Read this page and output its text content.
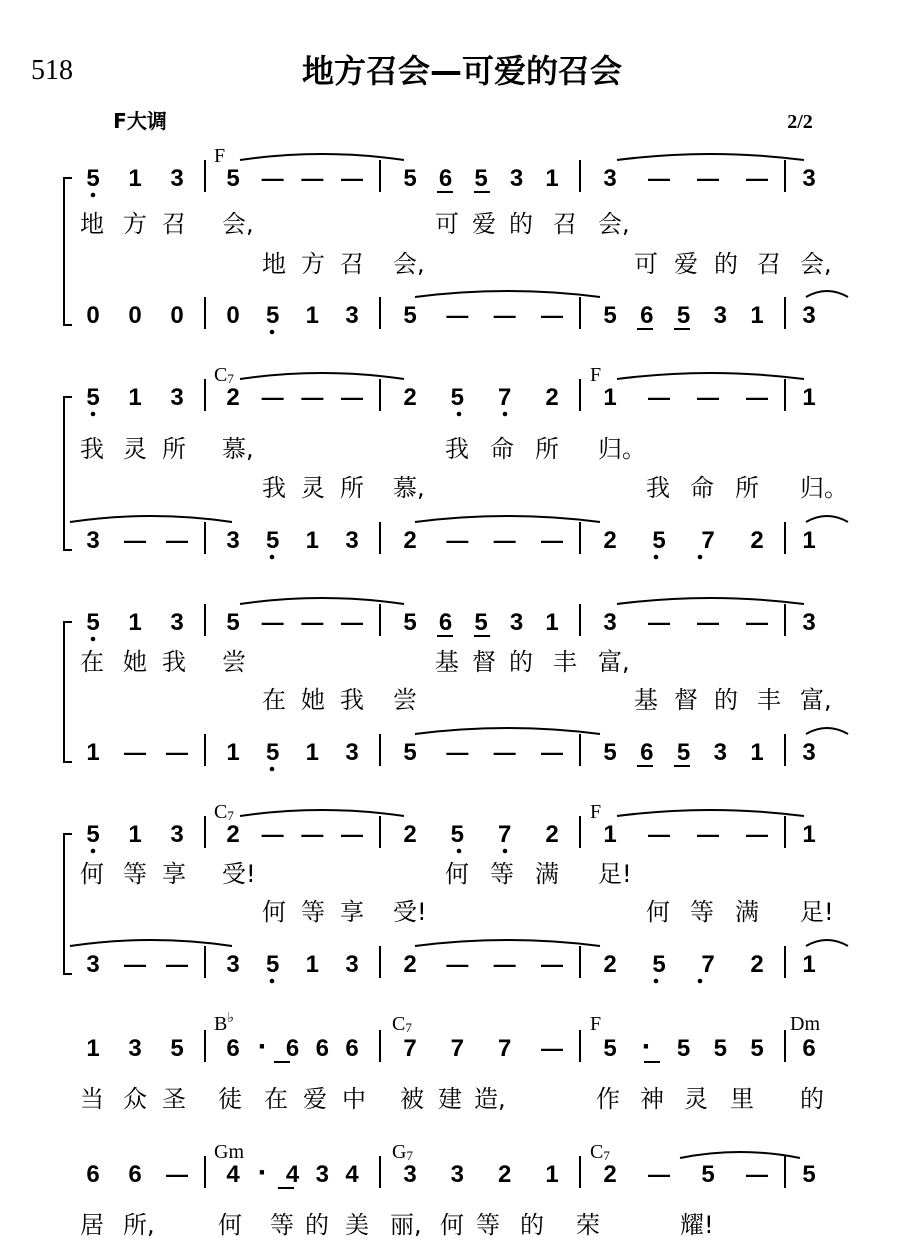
518	地方召会—可爱的召会
F大调	2/2
F
5 1 3 5 — — — 5 6 5 3 1 3 — — — 3
0 0 0 0 5 1 3 5 — — — 5 6 5 3 1 3
地 方 召 会,	可 爱 的 召 会,
地 方 召 会,	可 爱 的 召 会,
C7	F
5 1 3 2 — — — 2 5 7 2 1 — — — 1
3 — — 3 5 1 3 2 — — — 2 5 7 2 1
我 灵 所 慕,	我 命 所 归。
我 灵 所 慕,	我 命 所 归。
5 1 3 5 — — — 5 6 5 3 1 3 — — — 3
1 — — 1 5 1 3 5 — — — 5 6 5 3 1 3
在 她 我 尝	基 督 的 丰 富,
在 她 我 尝	基 督 的 丰 富,
C7	F
5 1 3 2 — — — 2 5 7 2 1 — — — 1
3 — — 3 5 1 3 2 — — — 2 5 7 2 1
何 等 享 受!	何 等 满 足!
何 等 享 受!	何 等 满 足!
B♭	C7	F	Dm
1 3 5 6 · 6 6 6 7 7 7 — 5 · 5 5 5 6
当 众 圣 徒 在 爱 中 被 建 造,	作 神 灵 里 的
Gm	G7	C7
6 6 — 4 · 4 3 4 3 3 2 1 2 — 5 — 5
居 所,	何 等 的 美 丽, 何 等 的 荣	耀!
